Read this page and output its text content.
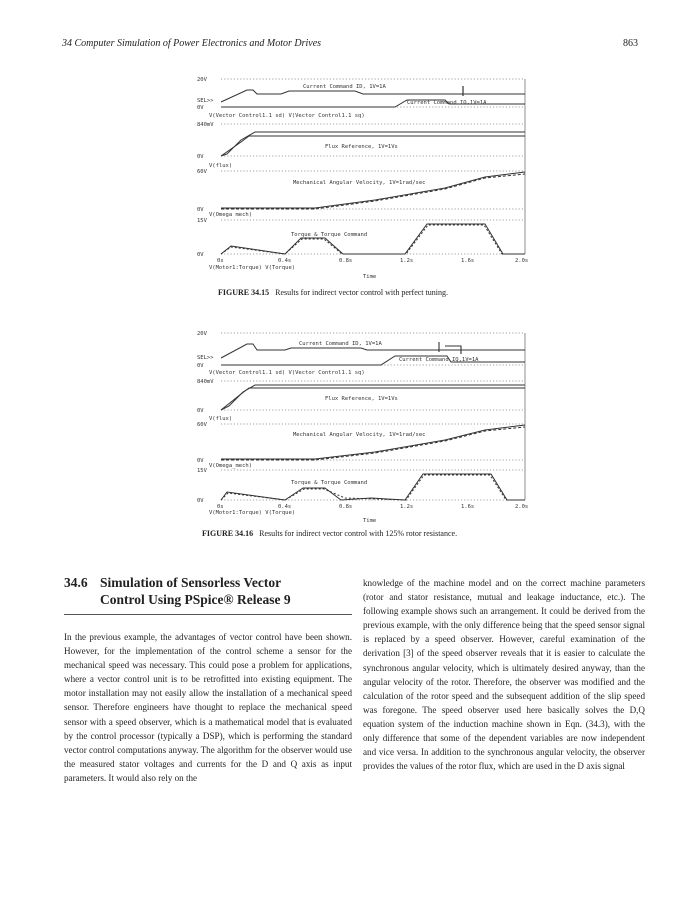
34 Computer Simulation of Power Electronics and Motor Drives	863
20V
SEL>>
0V
Current Command ID, 1V=1A
Current Command IQ,1V=1A
V(Vector Control1.1 sd) V(Vector Control1.1 sq)
840mV
0V
Flux Reference, 1V=1Vs
V(flux)
60V
0V
Mechanical Angular Velocity, 1V=1rad/sec
V(Omega mech)
15V
0V
Torque & Torque Command
V(Motor1:Torque) V(Torque)
0s	0.4s	0.8s	1.2s	1.6s	2.0s
Time
FIGURE 34.15 Results for indirect vector control with perfect tuning.
20V
SEL>>
0V
Current Command ID, 1V=1A
Current Command IQ,1V=1A
V(Vector Control1.1 sd) V(Vector Control1.1 sq)
840mV
0V
Flux Reference, 1V=1Vs
V(flux)
60V
0V
Mechanical Angular Velocity, 1V=1rad/sec
V(Omega_mech)
15V
0V
Torque & Torque Command
V(Motor1:Torque) V(Torque)
0s	0.4s	0.8s	1.2s	1.6s	2.0s
Time
FIGURE 34.16 Results for indirect vector control with 125% rotor resistance.
34.6 Simulation of Sensorless Vector
Control Using PSpice® Release 9
In the previous example, the advantages of vector control have been shown. However, for the implementation of the control scheme a sensor for the mechanical speed was necessary. This could pose a problem for applications, where a vector control unit is to be retrofitted into existing equipment. The motor installation may not easily allow the installation of a mechanical speed sensor. Therefore engineers have thought to replace the mechanical speed sensor with a speed observer, which is a mathematical model that is evaluated by the control processor (typically a DSP), which is performing the standard vector control computations anyway. The algorithm for the observer would use the measured stator voltages and currents for the D and Q axis as input parameters. It would also rely on the
knowledge of the machine model and on the correct machine parameters (rotor and stator resistance, mutual and leakage inductance, etc.). The following example shows such an arrangement. It could be derived from the previous example, with the only difference being that the speed sensor signal is replaced by a speed observer. However, careful examination of the derivation [3] of the speed observer reveals that it is easier to calculate the synchronous angular velocity, which is ultimately desired anyway, than the angular velocity of the rotor. Therefore, the observer was modified and the calculation of the rotor speed and the subsequent addition of the slip speed was foregone. The speed observer used here basically solves the D,Q equation system of the induction machine shown in Eqn. (34.3), with the only difference that some of the dependent variables are now independent and vice versa. In addition to the synchronous angular velocity, the observer provides the values of the rotor flux, which are used in the D axis signal
